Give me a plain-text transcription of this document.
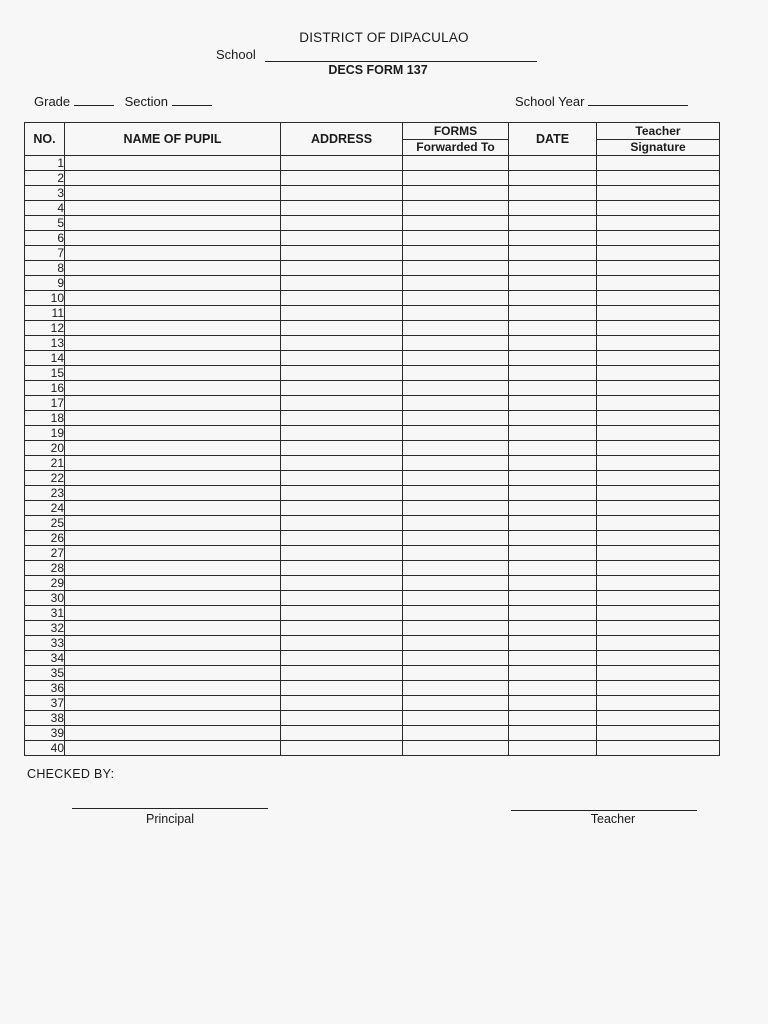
DISTRICT OF DIPACULAO
School
DECS FORM 137
Grade	Section	School Year
NO.	NAME OF PUPIL	ADDRESS	FORMS	DATE	Teacher
			Forwarded To		Signature
1					
2					
3					
4					
5					
6					
7					
8					
9					
10					
11					
12					
13					
14					
15					
16					
17					
18					
19					
20					
21					
22					
23					
24					
25					
26					
27					
28					
29					
30					
31					
32					
33					
34					
35					
36					
37					
38					
39					
40					
CHECKED BY:
Principal	Teacher
